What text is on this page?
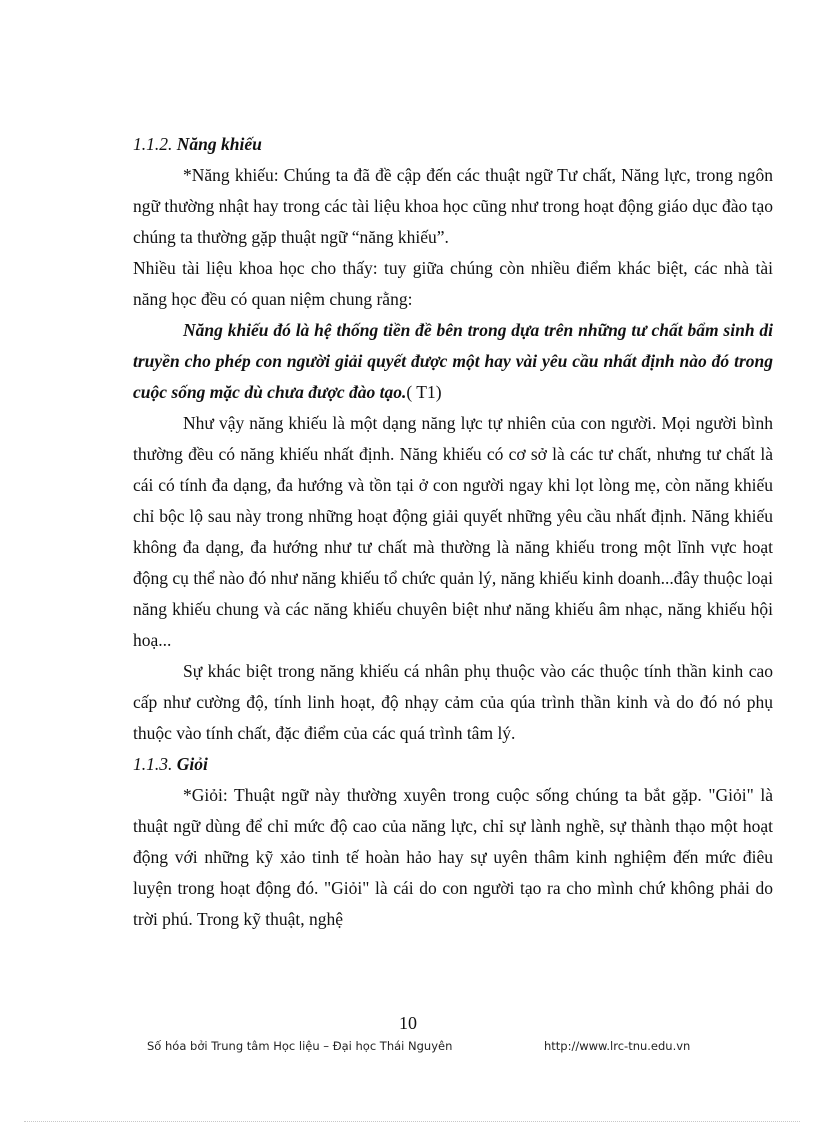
1.1.2. Năng khiếu

*Năng khiếu: Chúng ta đã đề cập đến các thuật ngữ Tư chất, Năng lực, trong ngôn ngữ thường nhật hay trong các tài liệu khoa học cũng như trong hoạt động giáo dục đào tạo chúng ta thường gặp thuật ngữ “năng khiếu”.

Nhiều tài liệu khoa học cho thấy: tuy giữa chúng còn nhiều điểm khác biệt, các nhà tài năng học đều có quan niệm chung rằng:

Năng khiếu đó là hệ thống tiền đề bên trong dựa trên những tư chất bẩm sinh di truyền cho phép con người giải quyết được một hay vài yêu cầu nhất định nào đó trong cuộc sống mặc dù chưa được đào tạo.( T1)

Như vậy năng khiếu là một dạng năng lực tự nhiên của con người. Mọi người bình thường đều có năng khiếu nhất định. Năng khiếu có cơ sở là các tư chất, nhưng tư chất là cái có tính đa dạng, đa hướng và tồn tại ở con người ngay khi lọt lòng mẹ, còn năng khiếu chỉ bộc lộ sau này trong những hoạt động giải quyết những yêu cầu nhất định. Năng khiếu không đa dạng, đa hướng như tư chất mà thường là năng khiếu trong một lĩnh vực hoạt động cụ thể nào đó như năng khiếu tổ chức quản lý, năng khiếu kinh doanh...đây thuộc loại năng khiếu chung và các năng khiếu chuyên biệt như năng khiếu âm nhạc, năng khiếu hội hoạ...

Sự khác biệt trong năng khiếu cá nhân phụ thuộc vào các thuộc tính thần kinh cao cấp như cường độ, tính linh hoạt, độ nhạy cảm của qúa trình thần kinh và do đó nó phụ thuộc vào tính chất, đặc điểm của các quá trình tâm lý.

1.1.3. Giỏi

*Giỏi: Thuật ngữ này thường xuyên trong cuộc sống chúng ta bắt gặp. "Giỏi" là thuật ngữ dùng để chỉ mức độ cao của năng lực, chỉ sự lành nghề, sự thành thạo một hoạt động với những kỹ xảo tinh tế hoàn hảo hay sự uyên thâm kinh nghiệm đến mức điêu luyện trong hoạt động đó. "Giỏi" là cái do con người tạo ra cho mình chứ không phải do trời phú. Trong kỹ thuật, nghệ

10
Số hóa bởi Trung tâm Học liệu – Đại học Thái Nguyên	http://www.lrc-tnu.edu.vn
